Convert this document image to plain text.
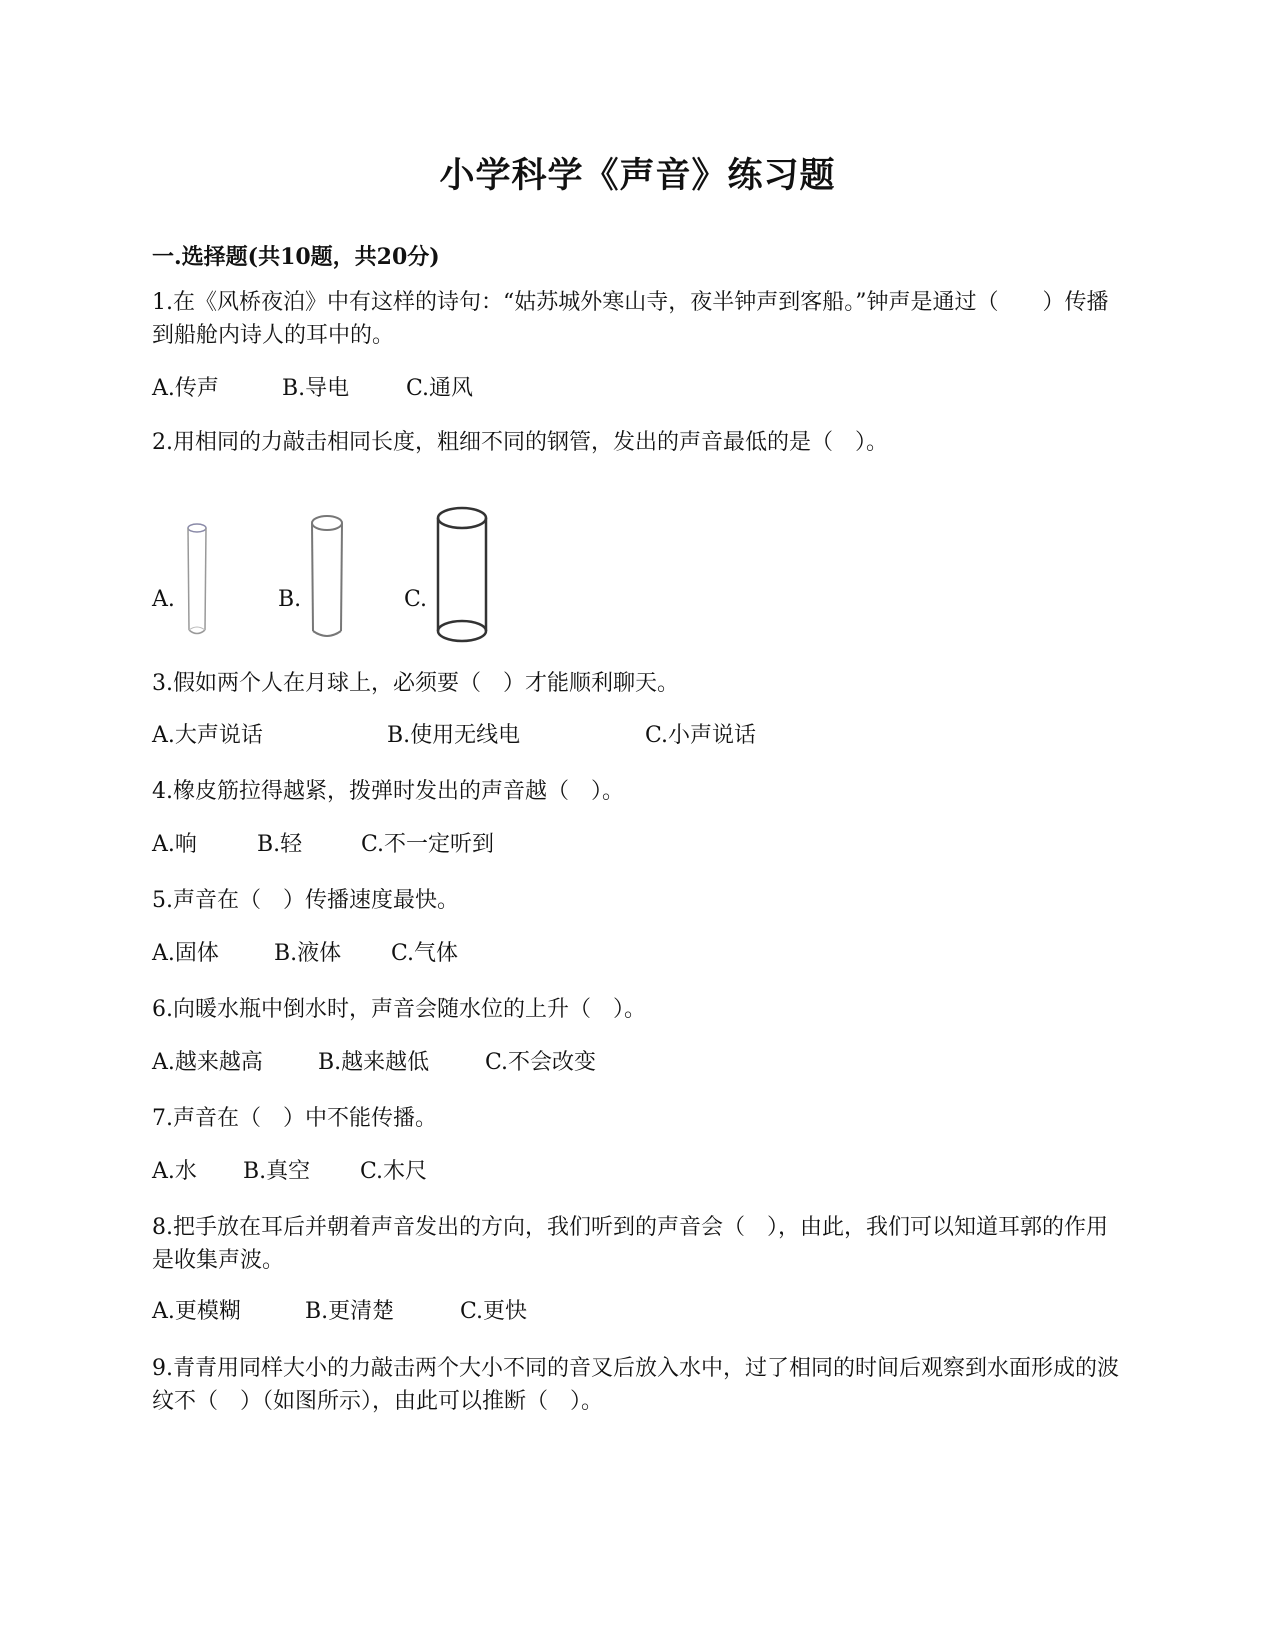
小学科学《声音》练习题
一.选择题(共10题，共20分)
1.在《风桥夜泊》中有这样的诗句：“姑苏城外寒山寺，夜半钟声到客船。”钟声是通过（　　）传播到船舱内诗人的耳中的。
A.传声	B.导电	C.通风
2.用相同的力敲击相同长度，粗细不同的钢管，发出的声音最低的是（　）。
A.	B.	C.
3.假如两个人在月球上，必须要（　）才能顺利聊天。
A.大声说话	B.使用无线电	C.小声说话
4.橡皮筋拉得越紧，拨弹时发出的声音越（　）。
A.响	B.轻	C.不一定听到
5.声音在（　）传播速度最快。
A.固体	B.液体 C.气体
6.向暖水瓶中倒水时，声音会随水位的上升（　）。
A.越来越高	B.越来越低	C.不会改变
7.声音在（　）中不能传播。
A.水 B.真空 C.木尺
8.把手放在耳后并朝着声音发出的方向，我们听到的声音会（　），由此，我们可以知道耳郭的作用是收集声波。
A.更模糊	B.更清楚	C.更快
9.青青用同样大小的力敲击两个大小不同的音叉后放入水中，过了相同的时间后观察到水面形成的波纹不（　）（如图所示），由此可以推断（　）。
